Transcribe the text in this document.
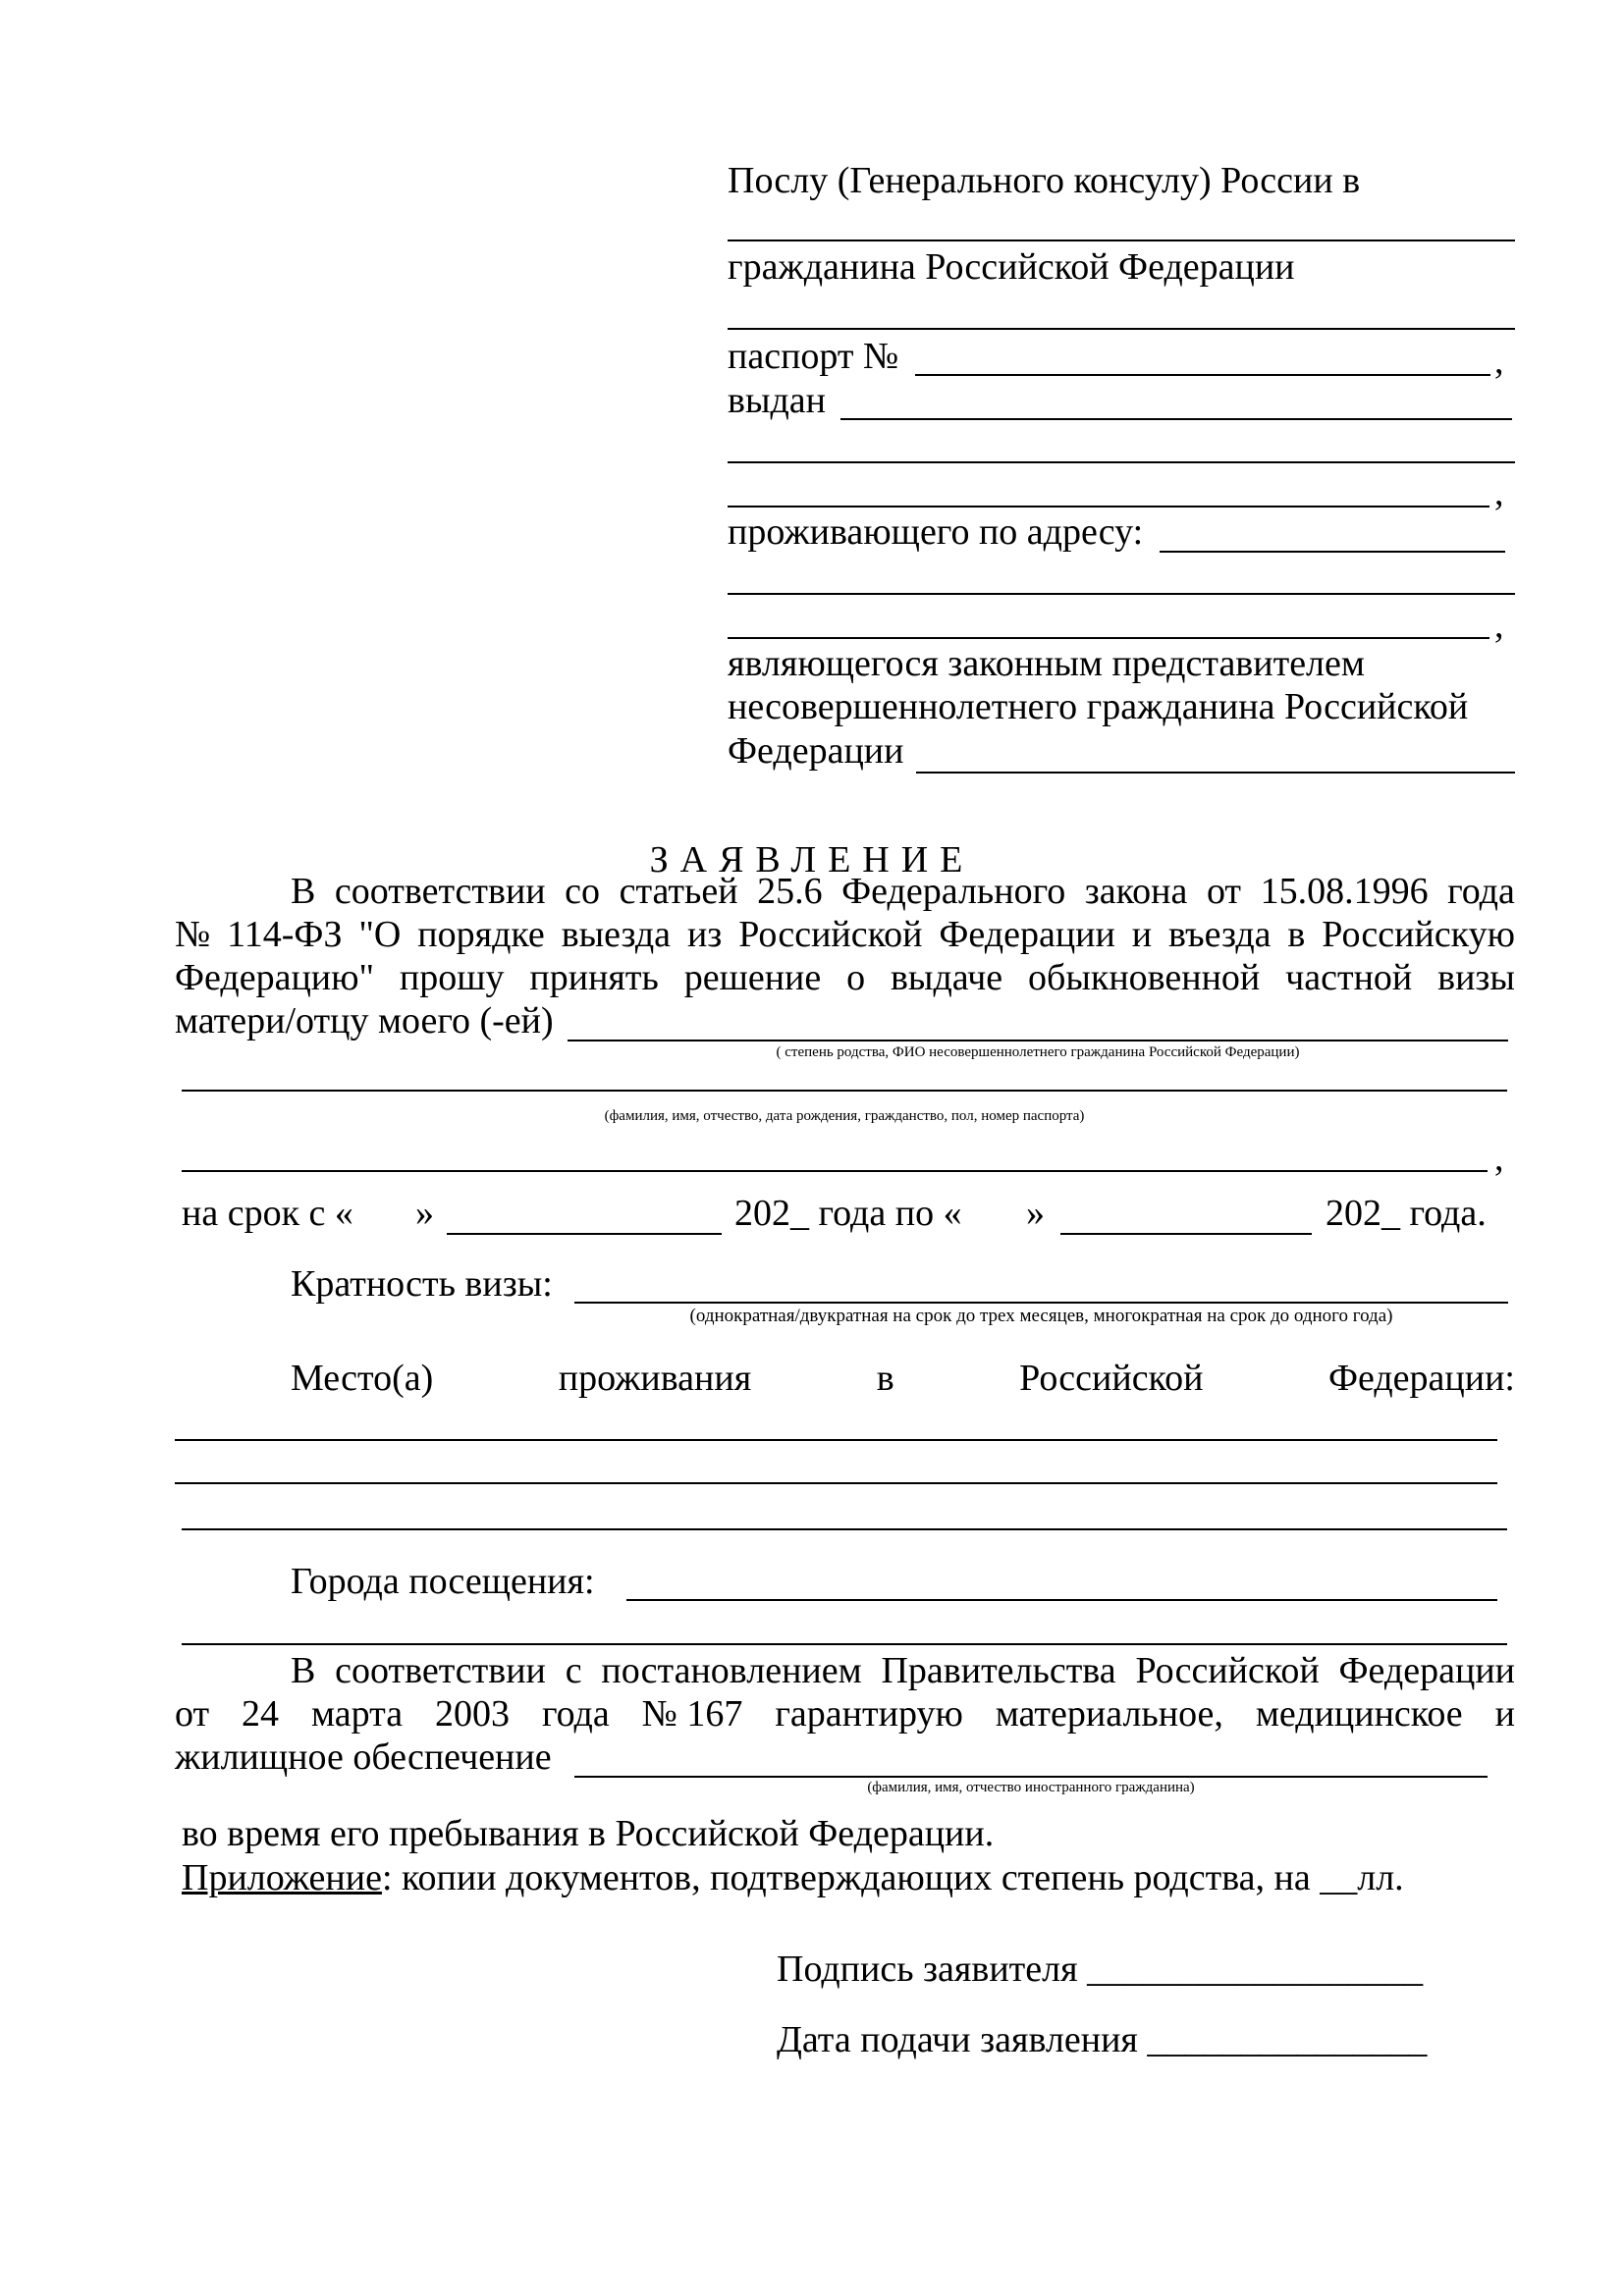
Послу (Генерального консулу) России в

гражданина Российской Федерации

паспорт №	,

выдан

,

проживающего по адресу:

,

являющегося законным представителем

несовершеннолетнего гражданина Российской

Федерации

ЗАЯВЛЕНИЕ

В соответствии со статьей 25.6 Федерального закона от 15.08.1996 года
№ 114-ФЗ "О порядке выезда из Российской Федерации и въезда в Российскую
Федерацию" прошу принять решение о выдаче обыкновенной частной визы

матери/отцу моего (-ей)

( степень родства, ФИО несовершеннолетнего гражданина Российской Федерации)
(фамилия, имя, отчество, дата рождения, гражданство, пол, номер паспорта)
,

на срок с « »	202_ года по « »	202_ года.

Кратность визы:

(однократная/двукратная на срок до трех месяцев, многократная на срок до одного года)
Место(а)	проживания	в	Российской	Федерации:

Города посещения:

В соответствии с постановлением Правительства Российской Федерации
от 24 марта 2003 года № 167 гарантирую материальное, медицинское и

жилищное обеспечение

(фамилия, имя, отчество иностранного гражданина)

во время его пребывания в Российской Федерации.

Приложение: копии документов, подтверждающих степень родства, на __лл.

Подпись заявителя __________________

Дата подачи заявления _______________
